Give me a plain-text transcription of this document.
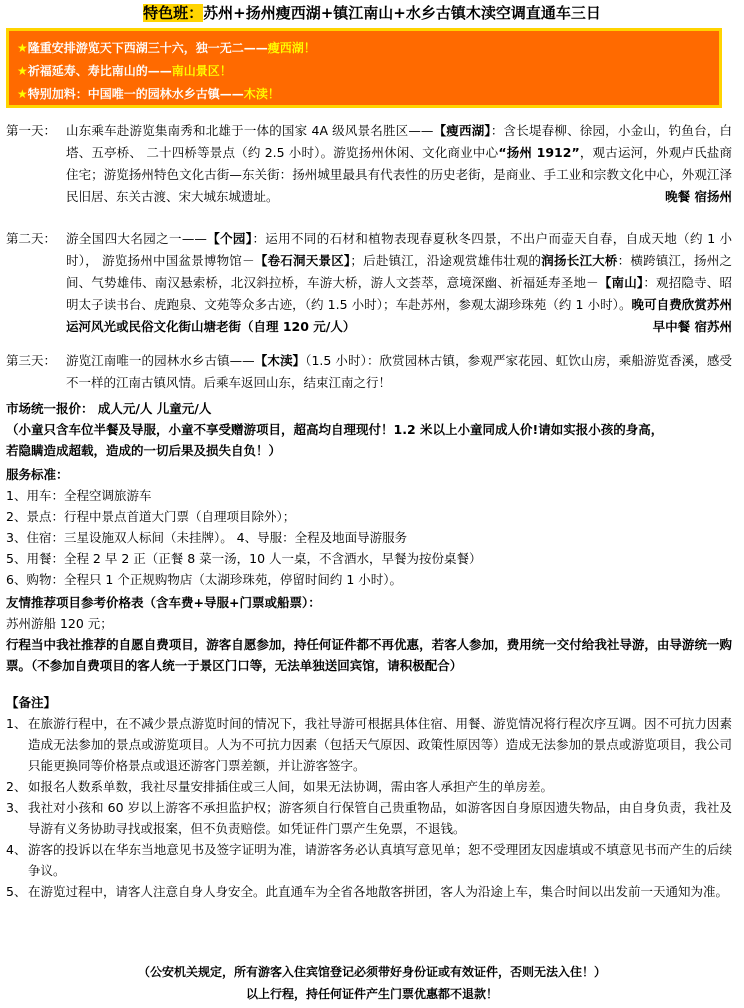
特色班：苏州+扬州瘦西湖+镇江南山+水乡古镇木渎空调直通车三日
★隆重安排游览天下西湖三十六，独一无二——瘦西湖！
★祈福延寿、寿比南山的——南山景区！
★特别加料：中国唯一的园林水乡古镇——木渎！
第一天： 山东乘车赴游览集南秀和北雄于一体的国家 4A 级风景名胜区——【瘦西湖】：含长堤春柳、徐园，小金山，钓鱼台，白塔、五亭桥、 二十四桥等景点（约 2.5 小时）。游览扬州休闲、文化商业中心“扬州 1912”，观古运河，外观卢氏盐商住宅；游览扬州特色文化古街—东关街：扬州城里最具有代表性的历史老街，是商业、手工业和宗教文化中心，外观江泽民旧居、东关古渡、宋大城东城遗址。	晚餐 宿扬州
第二天： 游全国四大名园之一——【个园】：运用不同的石材和植物表现春夏秋冬四景，不出户而壶天自春，自成天地（约 1 小时）， 游览扬州中国盆景博物馆－【卷石洞天景区】；后赴镇江，沿途观赏雄伟壮观的润扬长江大桥：横跨镇江，扬州之间、气势雄伟、南汉悬索桥，北汉斜拉桥，车游大桥，游人文荟萃，意境深幽、祈福延寿圣地－【南山】：观招隐寺、昭明太子读书台、虎跑泉、文苑等众多古迹，（约 1.5 小时）；车赴苏州，参观太湖珍珠苑（约 1 小时）。晚可自费欣赏苏州运河风光或民俗文化街山塘老街（自理 120 元/人）	早中餐 宿苏州
第三天： 游览江南唯一的园林水乡古镇——【木渎】（1.5 小时）：欣赏园林古镇，参观严家花园、虹饮山房，乘船游览香溪，感受不一样的江南古镇风情。后乘车返回山东，结束江南之行！
市场统一报价： 成人元/人 儿童元/人
（小童只含车位半餐及导服，小童不享受赠游项目，超高均自理现付！1.2 米以上小童同成人价!请如实报小孩的身高，
若隐瞒造成超载，造成的一切后果及损失自负！）
服务标准：
1、用车：全程空调旅游车
2、景点：行程中景点首道大门票（自理项目除外）；
3、住宿：三星设施双人标间（未挂牌）。 4、导服：全程及地面导游服务
5、用餐：全程 2 早 2 正（正餐 8 菜一汤，10 人一桌，不含酒水，早餐为按份桌餐）
6、购物：全程只 1 个正规购物店（太湖珍珠苑，停留时间约 1 小时）。
友情推荐项目参考价格表（含车费+导服+门票或船票）：
苏州游船 120 元；
行程当中我社推荐的自愿自费项目，游客自愿参加，持任何证件都不再优惠，若客人参加，费用统一交付给我社导游，由导游统一购票。（不参加自费项目的客人统一于景区门口等，无法单独送回宾馆，请积极配合）
【备注】
1、 在旅游行程中，在不减少景点游览时间的情况下，我社导游可根据具体住宿、用餐、游览情况将行程次序互调。因不可抗力因素造成无法参加的景点或游览项目。人为不可抗力因素（包括天气原因、政策性原因等）造成无法参加的景点或游览项目，我公司只能更换同等价格景点或退还游客门票差额，并让游客签字。
2、 如报名人数系单数，我社尽量安排插住或三人间，如果无法协调，需由客人承担产生的单房差。
3、 我社对小孩和 60 岁以上游客不承担监护权；游客须自行保管自己贵重物品，如游客因自身原因遗失物品，由自身负责，我社及导游有义务协助寻找或报案，但不负责赔偿。如凭证件门票产生免票，不退钱。
4、 游客的投诉以在华东当地意见书及签字证明为准，请游客务必认真填写意见单；恕不受理团友因虚填或不填意见书而产生的后续争议。
5、 在游览过程中，请客人注意自身人身安全。此直通车为全省各地散客拼团，客人为沿途上车，集合时间以出发前一天通知为准。
（公安机关规定，所有游客入住宾馆登记必须带好身份证或有效证件，否则无法入住！）
以上行程，持任何证件产生门票优惠都不退款！
